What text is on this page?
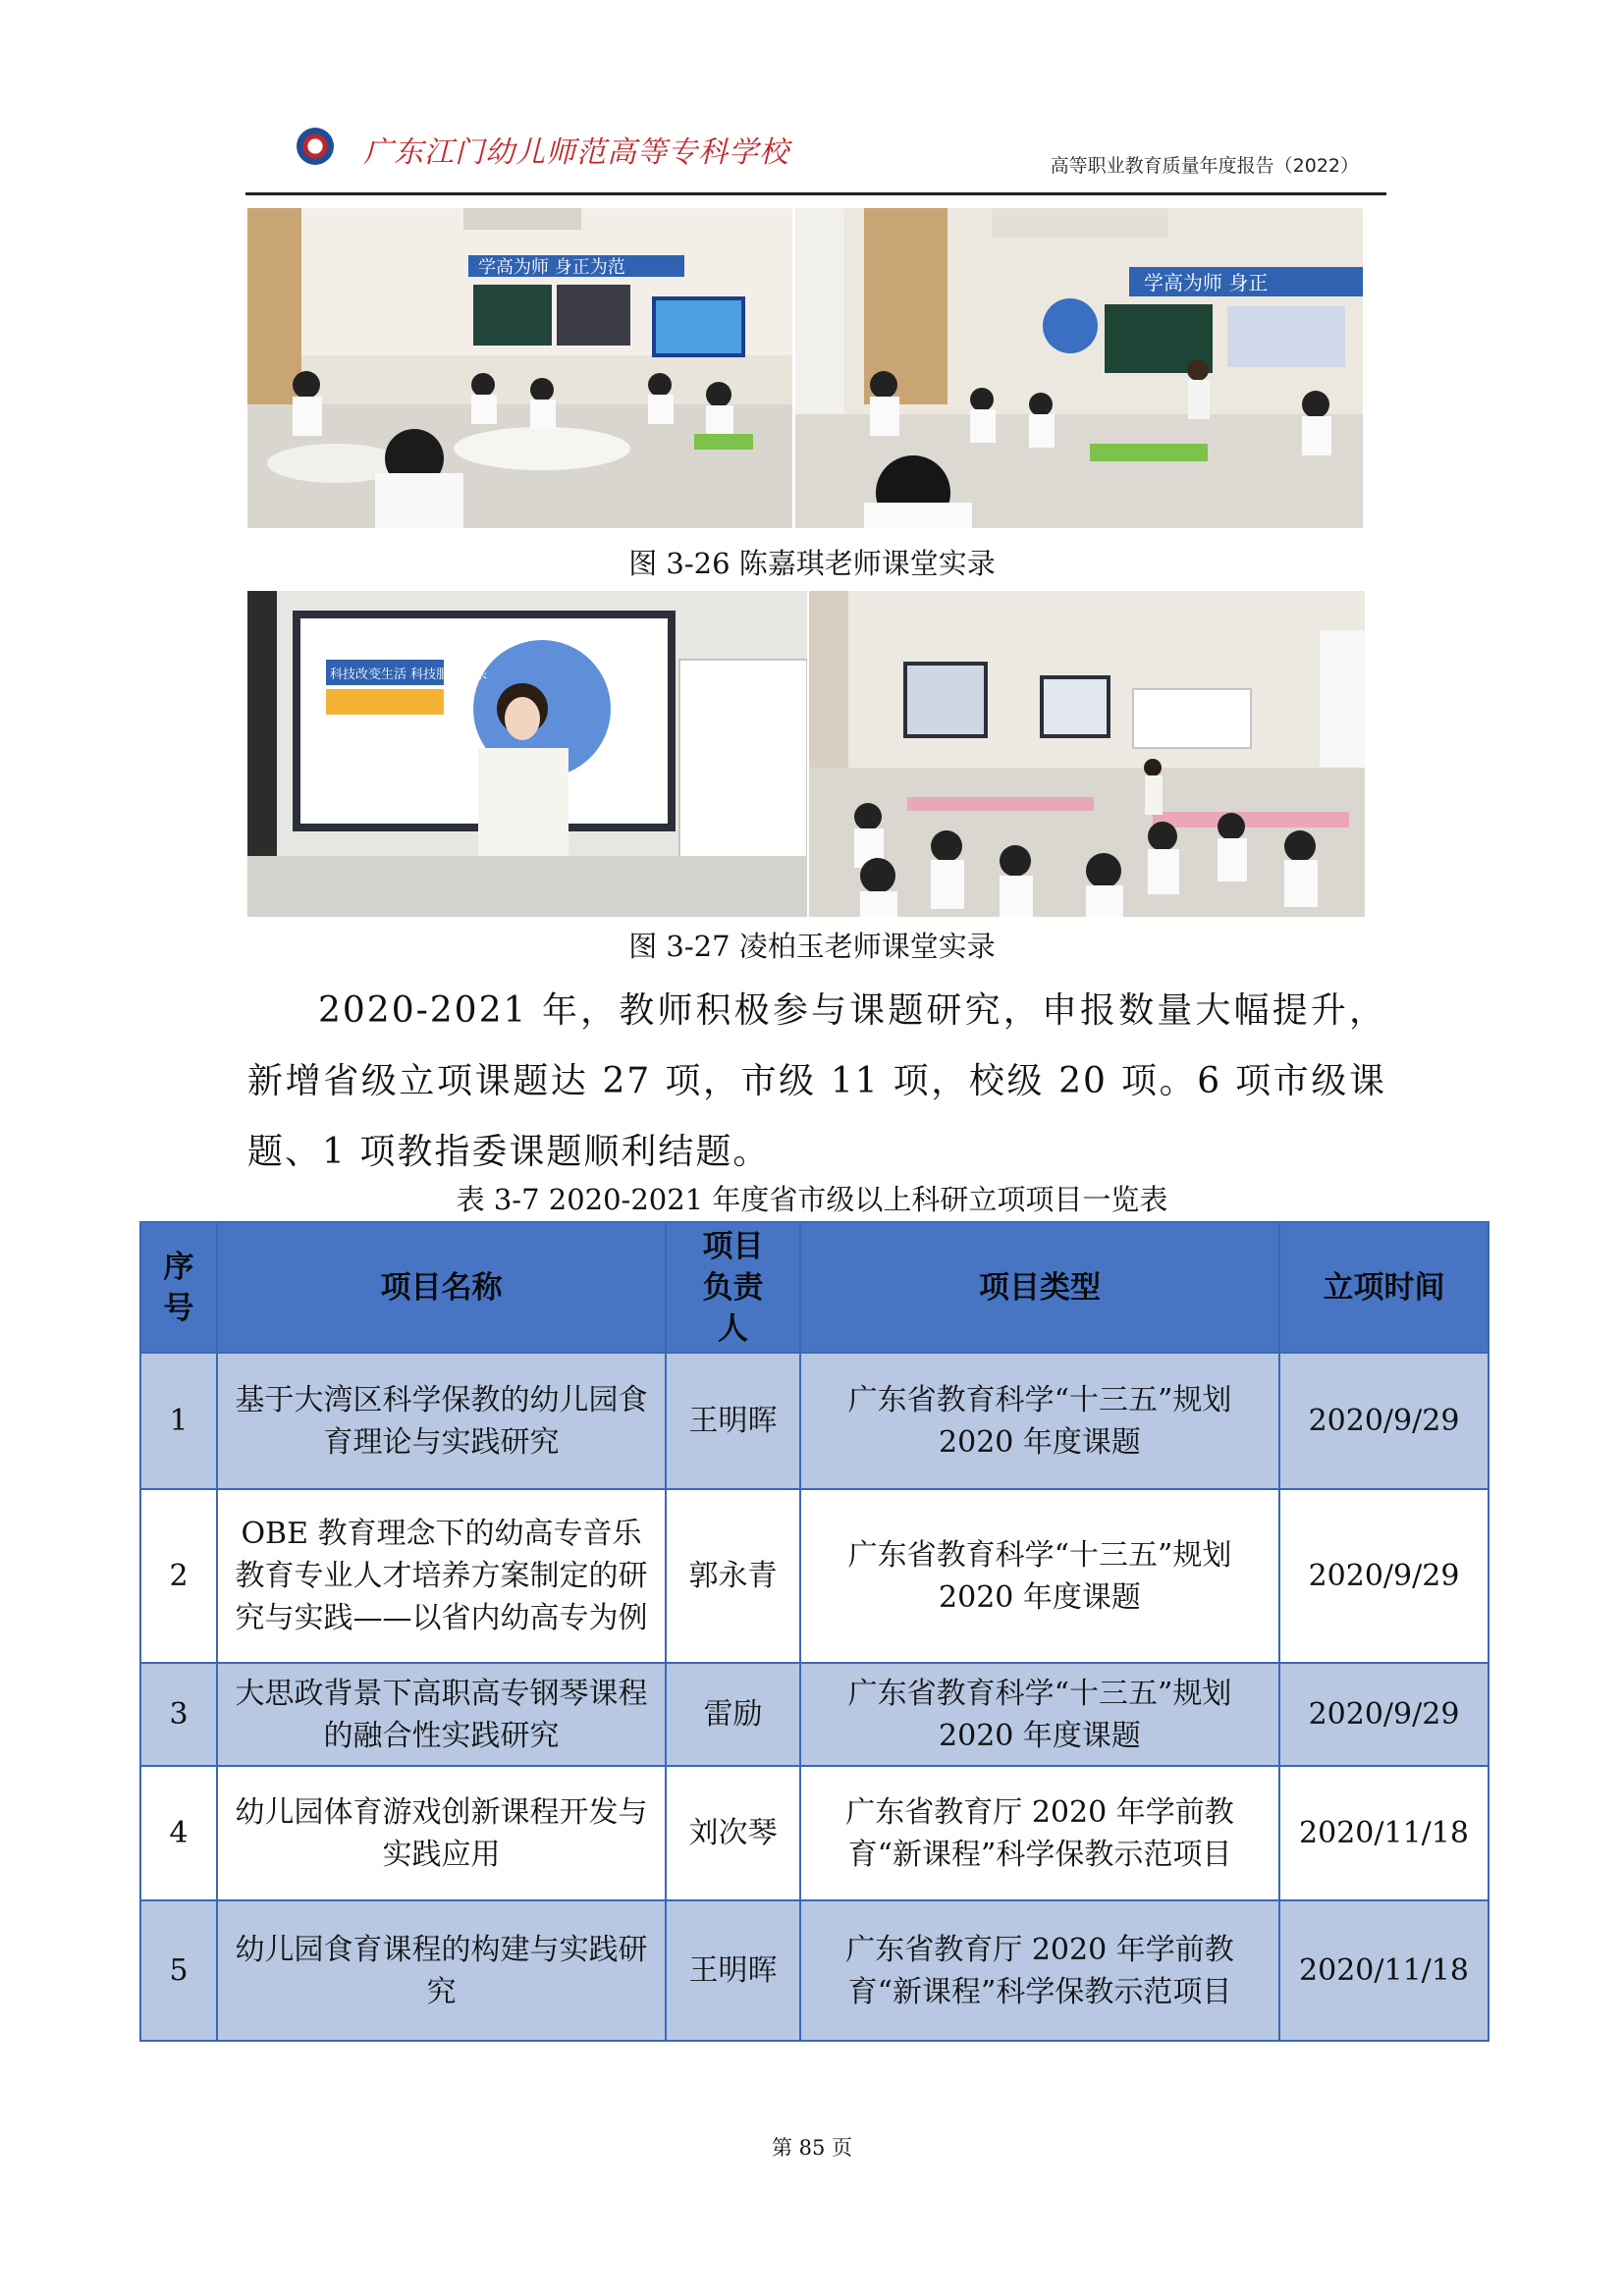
广东江门幼儿师范高等专科学校	高等职业教育质量年度报告（2022）
学高为师 身正为范
学高为师 身正
图 3-26 陈嘉琪老师课堂实录
科技改变生活 科技服务未来
图 3-27 凌柏玉老师课堂实录

2020-2021 年，教师积极参与课题研究，申报数量大幅提升，新增省级立项课题达 27 项，市级 11 项，校级 20 项。6 项市级课题、1 项教指委课题顺利结题。

表 3-7 2020-2021 年度省市级以上科研立项项目一览表
序号	项目名称	项目负责人	项目类型	立项时间
1	基于大湾区科学保教的幼儿园食育理论与实践研究	王明晖	广东省教育科学“十三五”规划 2020 年度课题	2020/9/29
2	OBE 教育理念下的幼高专音乐教育专业人才培养方案制定的研究与实践——以省内幼高专为例	郭永青	广东省教育科学“十三五”规划 2020 年度课题	2020/9/29
3	大思政背景下高职高专钢琴课程的融合性实践研究	雷励	广东省教育科学“十三五”规划 2020 年度课题	2020/9/29
4	幼儿园体育游戏创新课程开发与实践应用	刘次琴	广东省教育厅 2020 年学前教育“新课程”科学保教示范项目	2020/11/18
5	幼儿园食育课程的构建与实践研究	王明晖	广东省教育厅 2020 年学前教育“新课程”科学保教示范项目	2020/11/18
第 85 页
